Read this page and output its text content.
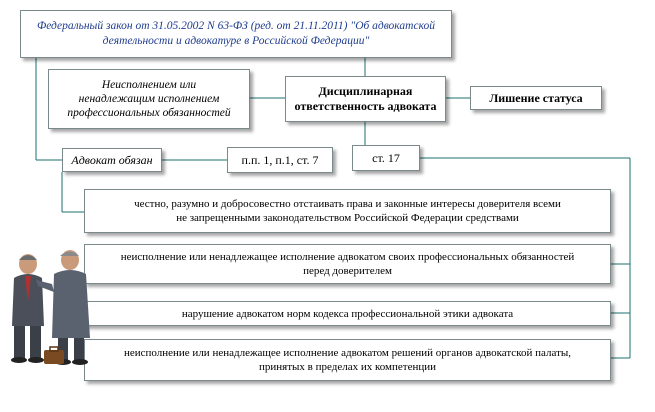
Федеральный закон от 31.05.2002 N 63-ФЗ (ред. от 21.11.2011) "Об адвокатской
деятельности и адвокатуре в Российской Федерации"
Неисполнением или
ненадлежащим исполнением
профессиональных обязанностей
Дисциплинарная
ответственность адвоката
Лишение статуса
Адвокат обязан	п.п. 1, п.1, ст. 7	ст. 17
честно, разумно и добросовестно отстаивать права и законные интересы доверителя всеми
не запрещенными законодательством Российской Федерации средствами
неисполнение или ненадлежащее исполнение адвокатом своих профессиональных обязанностей
перед доверителем
нарушение адвокатом норм кодекса профессиональной этики адвоката
неисполнение или ненадлежащее исполнение адвокатом решений органов адвокатской палаты,
принятых в пределах их компетенции
